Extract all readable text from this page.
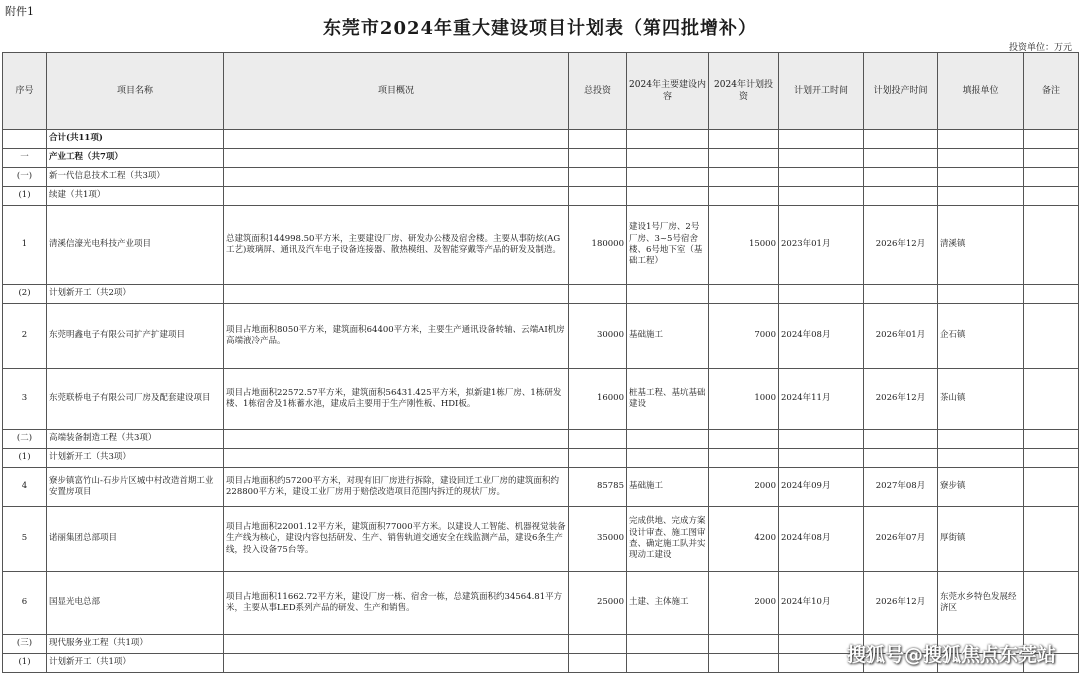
附件1
东莞市2024年重大建设项目计划表（第四批增补）
投资单位：万元
序号	项目名称	项目概况	总投资	2024年主要建设内容	2024年计划投资	计划开工时间	计划投产时间	填报单位	备注
	合计(共11项)								
一	产业工程（共7项）								
(一)	新一代信息技术工程（共3项）								
(1)	续建（共1项）								
1	清溪信濠光电科技产业项目	总建筑面积144998.50平方米，主要建设厂房、研发办公楼及宿舍楼。主要从事防炫(AG工艺)玻璃屏、通讯及汽车电子设备连接器、散热模组、及智能穿戴等产品的研发及制造。	180000	建设1号厂房、2号厂房、3~5号宿舍楼、6号地下室（基础工程）	15000	2023年01月	2026年12月	清溪镇	
(2)	计划新开工（共2项）								
2	东莞明鑫电子有限公司扩产扩建项目	项目占地面积8050平方米，建筑面积64400平方米，主要生产通讯设备转轴、云端AI机房高端液冷产品。	30000	基础施工	7000	2024年08月	2026年01月	企石镇	
3	东莞联桥电子有限公司厂房及配套建设项目	项目占地面积22572.57平方米，建筑面积56431.425平方米，拟新建1栋厂房、1栋研发楼、1栋宿舍及1栋蓄水池，建成后主要用于生产刚性板、HDI板。	16000	桩基工程、基坑基础建设	1000	2024年11月	2026年12月	茶山镇	
(二)	高端装备制造工程（共3项）								
(1)	计划新开工（共3项）								
4	寮步镇富竹山-石步片区城中村改造首期工业安置房项目	项目占地面积约57200平方米，对现有旧厂房进行拆除，建设回迁工业厂房的建筑面积约228800平方米，建设工业厂房用于赔偿改造项目范围内拆迁的现状厂房。	85785	基础施工	2000	2024年09月	2027年08月	寮步镇	
5	诺丽集团总部项目	项目占地面积22001.12平方米，建筑面积77000平方米。以建设人工智能、机器视觉装备生产线为核心，建设内容包括研发、生产、销售轨道交通安全在线监测产品，建设6条生产线，投入设备75台等。	35000	完成供地、完成方案设计审查、施工图审查、确定施工队并实现动工建设	4200	2024年08月	2026年07月	厚街镇	
6	国显光电总部	项目占地面积11662.72平方米，建设厂房一栋、宿舍一栋，总建筑面积约34564.81平方米，主要从事LED系列产品的研发、生产和销售。	25000	土建、主体施工	2000	2024年10月	2026年12月	东莞水乡特色发展经济区	
(三)	现代服务业工程（共1项）								
(1)	计划新开工（共1项）									搜狐号@搜狐焦点东莞站
